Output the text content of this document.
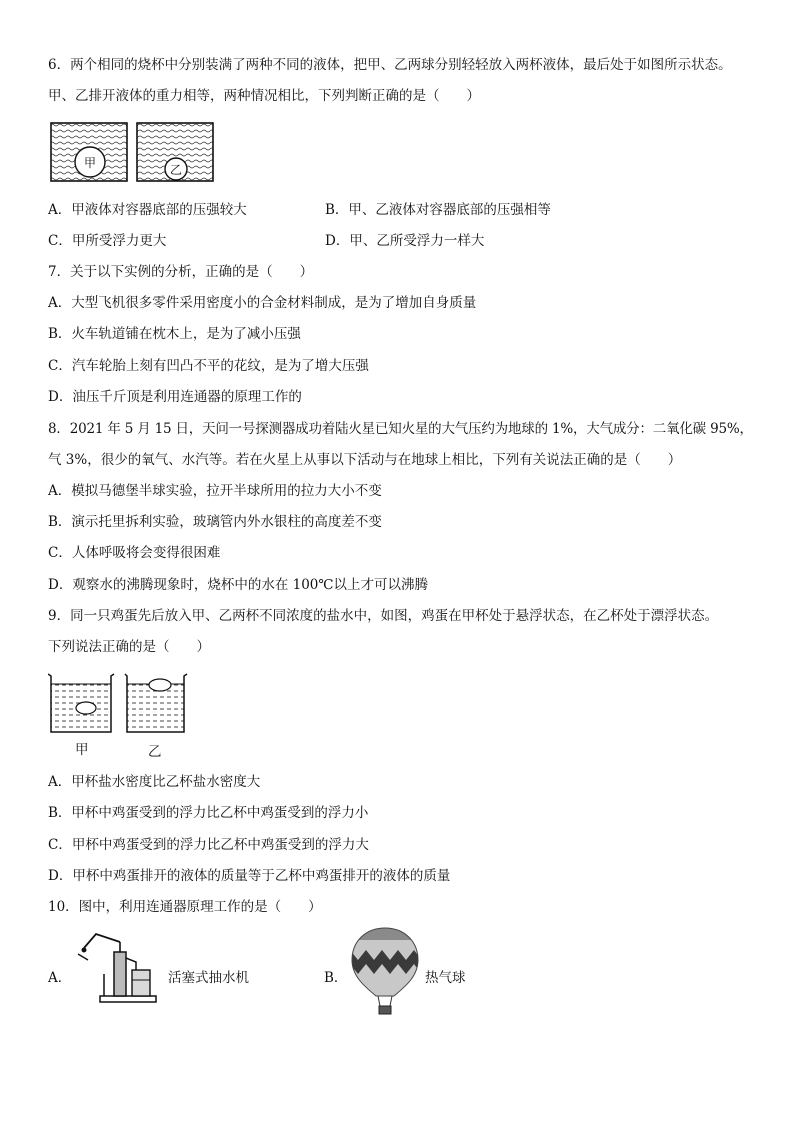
6．两个相同的烧杯中分别装满了两种不同的液体，把甲、乙两球分别轻轻放入两杯液体，最后处于如图所示状态。
甲、乙排开液体的重力相等，两种情况相比，下列判断正确的是（　　）
甲	乙
A．甲液体对容器底部的压强较大	B．甲、乙液体对容器底部的压强相等
C．甲所受浮力更大	D．甲、乙所受浮力一样大
7．关于以下实例的分析，正确的是（　　）
A．大型飞机很多零件采用密度小的合金材料制成，是为了增加自身质量
B．火车轨道铺在枕木上，是为了减小压强
C．汽车轮胎上刻有凹凸不平的花纹，是为了增大压强
D．油压千斤顶是利用连通器的原理工作的
8．2021 年 5 月 15 日，天问一号探测器成功着陆火星已知火星的大气压约为地球的 1%，大气成分：二氧化碳 95%，
气 3%，很少的氧气、水汽等。若在火星上从事以下活动与在地球上相比，下列有关说法正确的是（　　）
A．模拟马德堡半球实验，拉开半球所用的拉力大小不变
B．演示托里拆利实验，玻璃管内外水银柱的高度差不变
C．人体呼吸将会变得很困难
D．观察水的沸腾现象时，烧杯中的水在 100℃以上才可以沸腾
9．同一只鸡蛋先后放入甲、乙两杯不同浓度的盐水中，如图，鸡蛋在甲杯处于悬浮状态，在乙杯处于漂浮状态。
下列说法正确的是（　　）
甲	乙
A．甲杯盐水密度比乙杯盐水密度大
B．甲杯中鸡蛋受到的浮力比乙杯中鸡蛋受到的浮力小
C．甲杯中鸡蛋受到的浮力比乙杯中鸡蛋受到的浮力大
D．甲杯中鸡蛋排开的液体的质量等于乙杯中鸡蛋排开的液体的质量
10．图中，利用连通器原理工作的是（　　）
A．	活塞式抽水机	B．	热气球
